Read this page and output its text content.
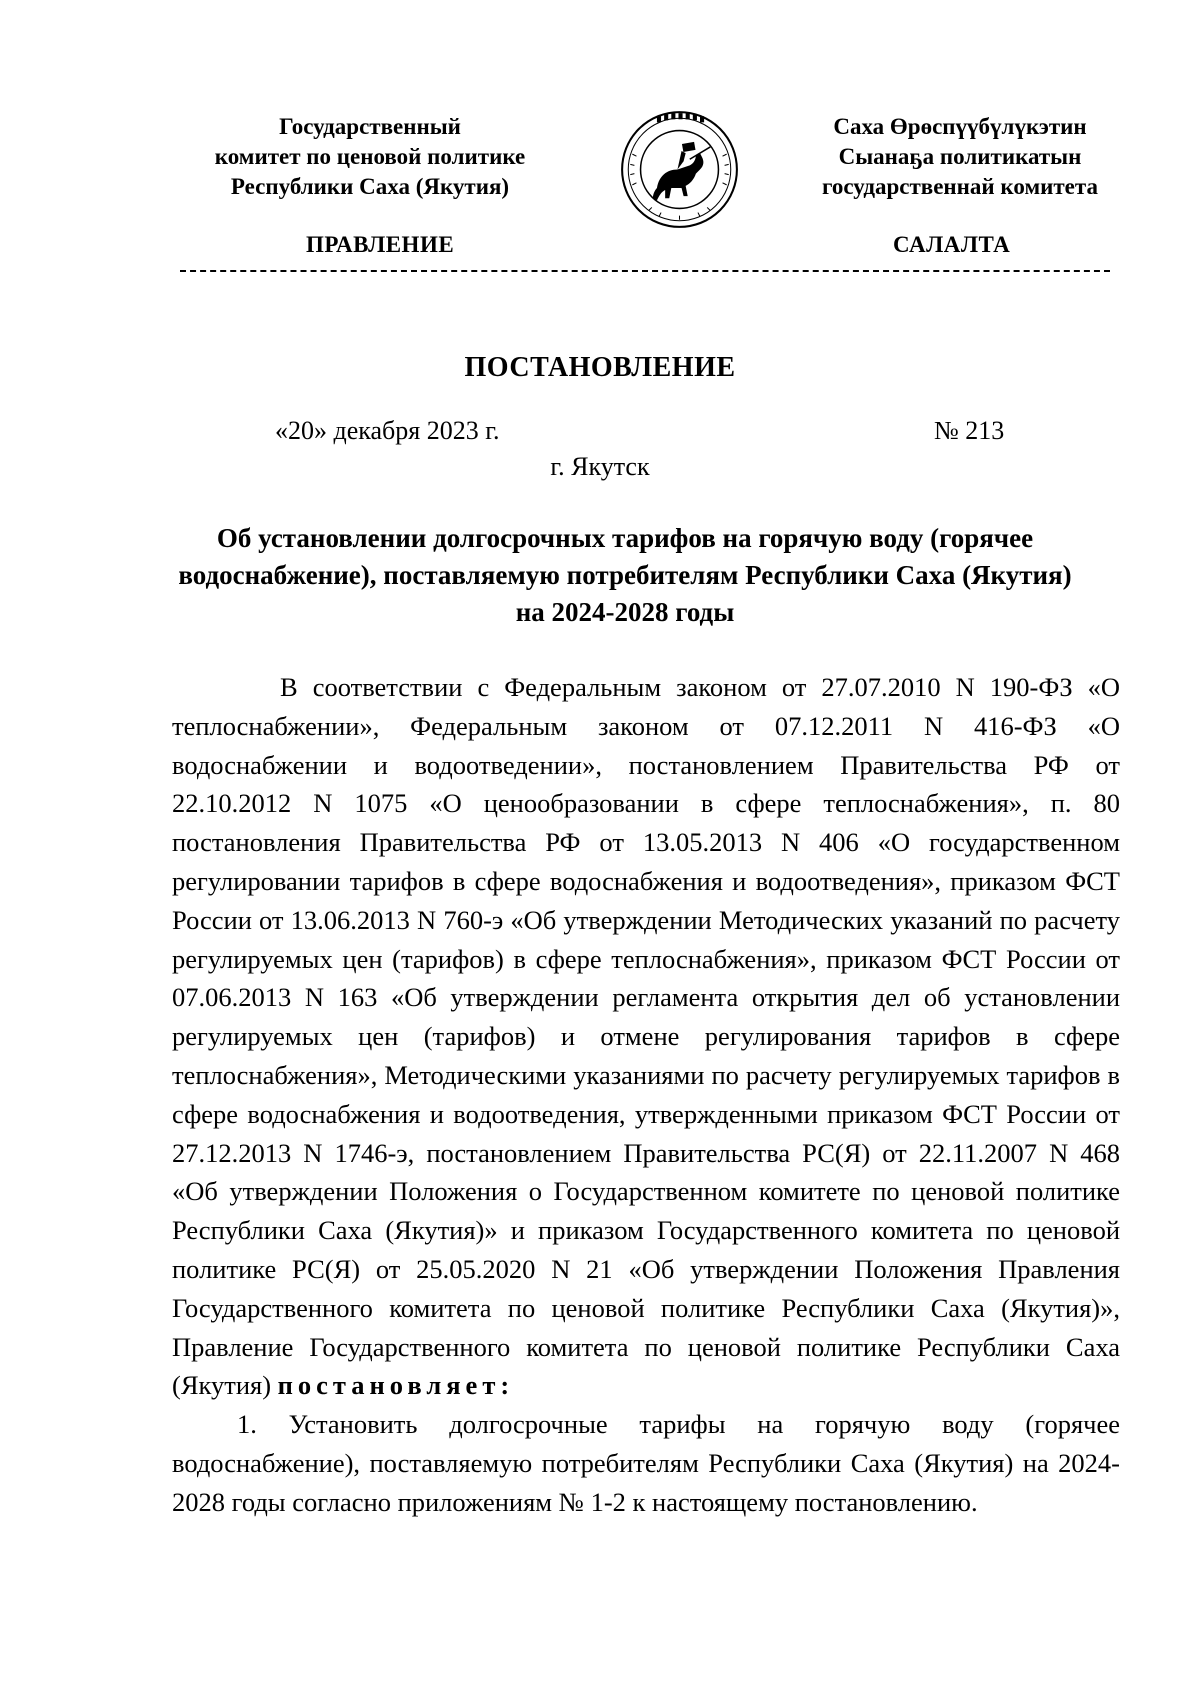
Государственный
комитет по ценовой политике
Республики Саха (Якутия)
Саха Өрөспүүбүлүкэтин
Сыанаҕа политикатын
государственнай комитета
ПРАВЛЕНИЕ	САЛАЛТА
ПОСТАНОВЛЕНИЕ
«20» декабря 2023 г.	№ 213
г. Якутск
Об установлении долгосрочных тарифов на горячую воду (горячее
водоснабжение), поставляемую потребителям Республики Саха (Якутия)
на 2024-2028 годы

В соответствии с Федеральным законом от 27.07.2010 N 190-ФЗ «О теплоснабжении», Федеральным законом от 07.12.2011 N 416-ФЗ «О водоснабжении и водоотведении», постановлением Правительства РФ от 22.10.2012 N 1075 «О ценообразовании в сфере теплоснабжения», п. 80 постановления Правительства РФ от 13.05.2013 N 406 «О государственном регулировании тарифов в сфере водоснабжения и водоотведения», приказом ФСТ России от 13.06.2013 N 760-э «Об утверждении Методических указаний по расчету регулируемых цен (тарифов) в сфере теплоснабжения», приказом ФСТ России от 07.06.2013 N 163 «Об утверждении регламента открытия дел об установлении регулируемых цен (тарифов) и отмене регулирования тарифов в сфере теплоснабжения», Методическими указаниями по расчету регулируемых тарифов в сфере водоснабжения и водоотведения, утвержденными приказом ФСТ России от 27.12.2013 N 1746-э, постановлением Правительства РС(Я) от 22.11.2007 N 468 «Об утверждении Положения о Государственном комитете по ценовой политике Республики Саха (Якутия)» и приказом Государственного комитета по ценовой политике РС(Я) от 25.05.2020 N 21 «Об утверждении Положения Правления Государственного комитета по ценовой политике Республики Саха (Якутия)», Правление Государственного комитета по ценовой политике Республики Саха (Якутия) постановляет:

1. Установить долгосрочные тарифы на горячую воду (горячее водоснабжение), поставляемую потребителям Республики Саха (Якутия) на 2024-2028 годы согласно приложениям № 1-2 к настоящему постановлению.
